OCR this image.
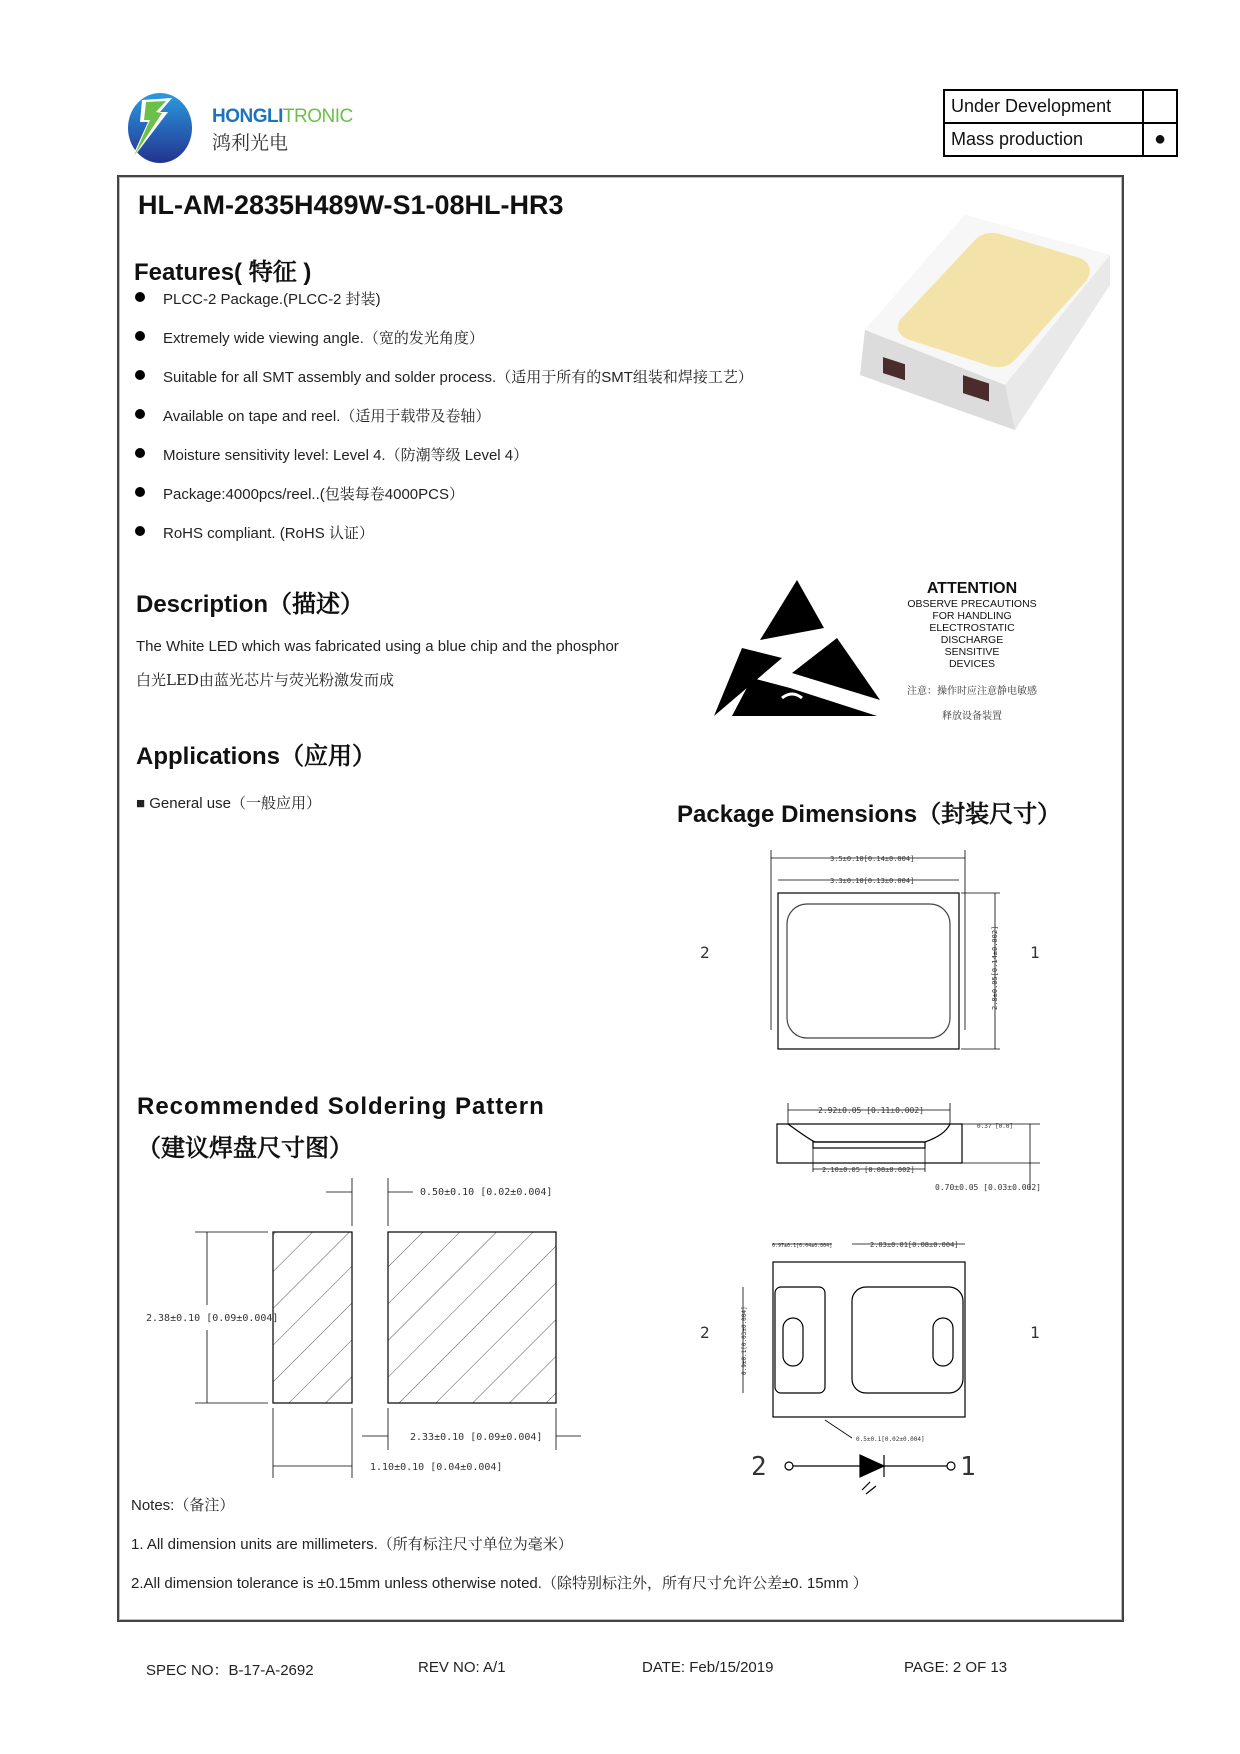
HONGLITRONIC
鸿利光电
Under Development	
Mass production	●
HL-AM-2835H489W-S1-08HL-HR3
Features( 特征 )
PLCC-2 Package.(PLCC-2 封装)
Extremely wide viewing angle.（宽的发光角度）
Suitable for all SMT assembly and solder process.（适用于所有的SMT组装和焊接工艺）
Available on tape and reel.（适用于载带及卷轴）
Moisture sensitivity level: Level 4.（防潮等级 Level 4）
Package:4000pcs/reel..(包装每卷4000PCS）
RoHS compliant. (RoHS 认证）
Description（描述）
The White LED which was fabricated using a blue chip and the phosphor
白光LED由蓝光芯片与荧光粉激发而成
ATTENTION
OBSERVE PRECAUTIONS
FOR HANDLING
ELECTROSTATIC
DISCHARGE
SENSITIVE
DEVICES
注意：操作时应注意静电敏感
释放设备装置
Applications（应用）
■ General use（一般应用）	Package Dimensions（封装尺寸）
Recommended Soldering Pattern
（建议焊盘尺寸图）
3.5±0.10[0.14±0.004]
3.3±0.10[0.13±0.004]
2.8±0.05[0.14±0.002]
2.92±0.05 [0.11±0.002]
0.37 [0.0]
2.10±0.05 [0.08±0.002]
0.70±0.05 [0.03±0.002]
0.97±0.1[0.04±0.004]	2.03±0.01[0.08±0.004]
0.9±0.1[0.03±0.004]
0.5±0.1[0.02±0.004]
0.50±0.10 [0.02±0.004]
2.38±0.10 [0.09±0.004]
2.33±0.10 [0.09±0.004]
1.10±0.10 [0.04±0.004]
2	1
2	1
2	1
Notes:（备注）
1. All dimension units are millimeters.（所有标注尺寸单位为毫米）
2.All dimension tolerance is ±0.15mm unless otherwise noted.（除特别标注外，所有尺寸允许公差±0. 15mm ）
SPEC NO：B-17-A-2692	REV NO: A/1	DATE: Feb/15/2019	PAGE: 2 OF 13
